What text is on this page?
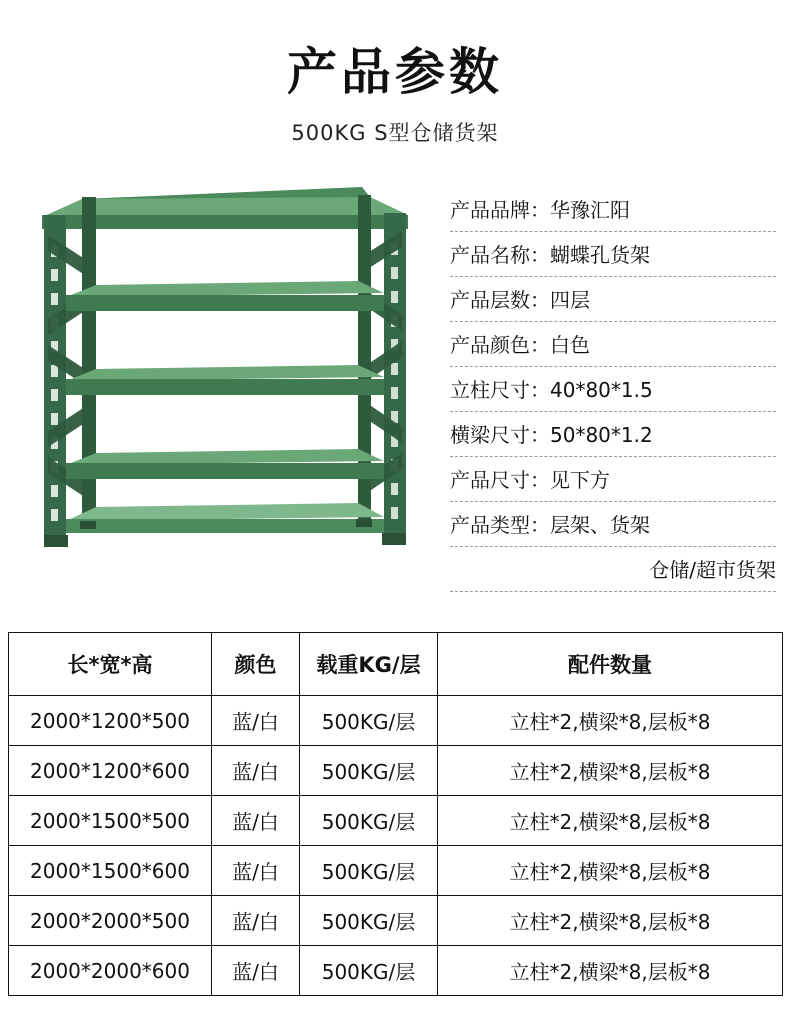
产品参数
500KG S型仓储货架
产品品牌：华豫汇阳
产品名称：蝴蝶孔货架
产品层数：四层
产品颜色：白色
立柱尺寸：40*80*1.5
横梁尺寸：50*80*1.2
产品尺寸：见下方
产品类型：层架、货架
仓储/超市货架
长*宽*高	颜色	载重KG/层	配件数量
2000*1200*500	蓝/白	500KG/层	立柱*2,横梁*8,层板*8
2000*1200*600	蓝/白	500KG/层	立柱*2,横梁*8,层板*8
2000*1500*500	蓝/白	500KG/层	立柱*2,横梁*8,层板*8
2000*1500*600	蓝/白	500KG/层	立柱*2,横梁*8,层板*8
2000*2000*500	蓝/白	500KG/层	立柱*2,横梁*8,层板*8
2000*2000*600	蓝/白	500KG/层	立柱*2,横梁*8,层板*8
